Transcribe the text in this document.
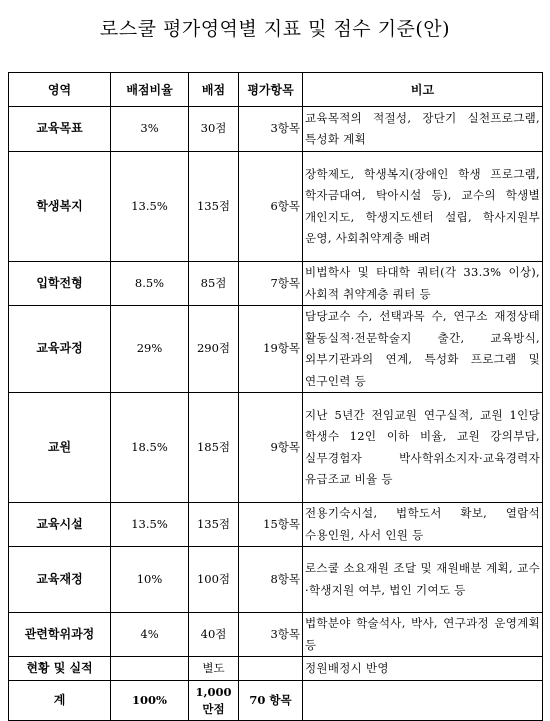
로스쿨 평가영역별 지표 및 점수 기준(안)
영역	배점비율	배점	평가항목	비고
교육목표	3%	30점	3항목	교육목적의 적절성, 장단기 실천프로그램, 특성화 계획
학생복지	13.5%	135점	6항목	장학제도, 학생복지(장애인 학생 프로그램, 학자금대여, 탁아시설 등), 교수의 학생별 개인지도, 학생지도센터 설립, 학사지원부 운영, 사회취약계층 배려
입학전형	8.5%	85점	7항목	비법학사 및 타대학 쿼터(각 33.3% 이상), 사회적 취약계층 쿼터 등
교육과정	29%	290점	19항목	담당교수 수, 선택과목 수, 연구소 재정상태 활동실적·전문학술지 출간, 교육방식, 외부기관과의 연계, 특성화 프로그램 및 연구인력 등
교원	18.5%	185점	9항목	지난 5년간 전임교원 연구실적, 교원 1인당 학생수 12인 이하 비율, 교원 강의부담, 실무경험자 박사학위소지자·교육경력자 유급조교 비율 등
교육시설	13.5%	135점	15항목	전용기숙시설, 법학도서 확보, 열람석 수용인원, 사서 인원 등
교육재정	10%	100점	8항목	로스쿨 소요재원 조달 및 재원배분 계획, 교수·학생지원 여부, 법인 기여도 등
관련학위과정	4%	40점	3항목	법학분야 학술석사, 박사, 연구과정 운영계획 등
현황 및 실적		별도		정원배정시 반영
계	100%	1,000 만점	70 항목	
